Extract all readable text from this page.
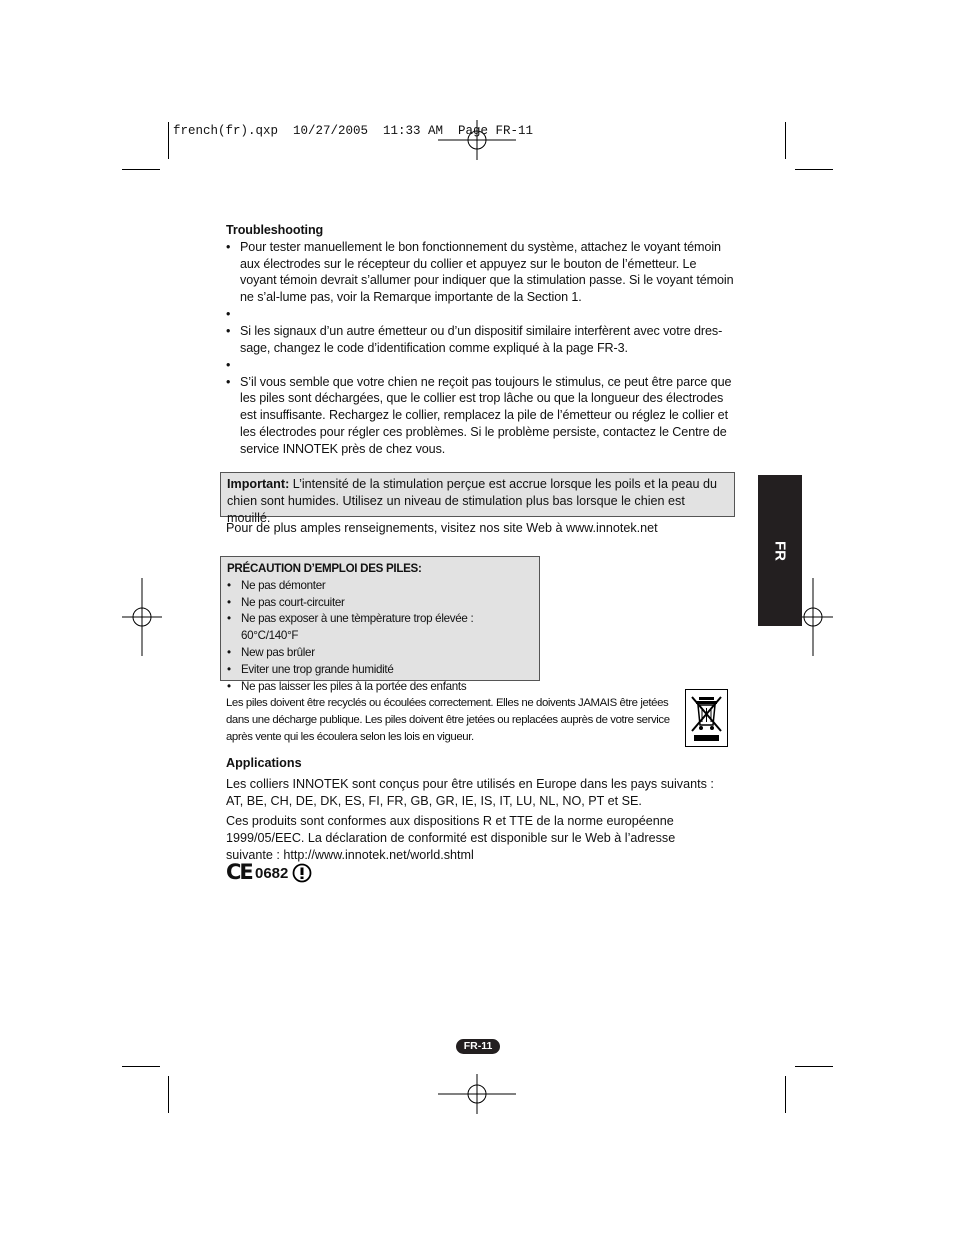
french(fr).qxp  10/27/2005  11:33 AM  Page FR-11

Troubleshooting

• Pour tester manuellement le bon fonctionnement du système, attachez le voyant témoin aux électrodes sur le récepteur du collier et appuyez sur le bouton de l’émetteur. Le voyant témoin devrait s’allumer pour indiquer que la stimulation passe. Si le voyant témoin ne s’al-lume pas, voir la Remarque importante de la Section 1.
•
• Si les signaux d’un autre émetteur ou d’un dispositif similaire interfèrent avec votre dres-sage, changez le code d’identification comme expliqué à la page FR-3.
•
• S’il vous semble que votre chien ne reçoit pas toujours le stimulus, ce peut être parce que les piles sont déchargées, que le collier est trop lâche ou que la longueur des électrodes est insuffisante. Rechargez le collier, remplacez la pile de l’émetteur ou réglez le collier et les électrodes pour régler ces problèmes. Si le problème persiste, contactez le Centre de service INNOTEK près de chez vous.
Important: L’intensité de la stimulation perçue est accrue lorsque les poils et la peau du chien sont humides. Utilisez un niveau de stimulation plus bas lorsque le chien est mouillé.
Pour de plus amples renseignements, visitez nos site Web à www.innotek.net

PRÉCAUTION D’EMPLOI DES PILES:

• Ne pas démonter
• Ne pas court-circuiter
• Ne pas exposer à une tèmpèrature trop élevée : 60°C/140°F
• New pas brûler
• Eviter une trop grande humidité
• Ne pas laisser les piles à la portée des enfants
Les piles doivent être recyclés ou écoulées correctement. Elles ne doivents JAMAIS être jetées dans une décharge publique. Les piles doivent être jetées ou replacées auprès de votre service après vente qui les écoulera selon les lois en vigueur.

Applications

Les colliers INNOTEK sont conçus pour être utilisés en Europe dans les pays suivants : AT, BE, CH, DE, DK, ES, FI, FR, GB, GR, IE, IS, IT, LU, NL, NO, PT et SE.

Ces produits sont conformes aux dispositions R et TTE de la norme européenne 1999/05/EEC. La déclaration de conformité est disponible sur le Web à l’adresse suivante : http://www.innotek.net/world.shtml

CE 0682
FR
FR-11
